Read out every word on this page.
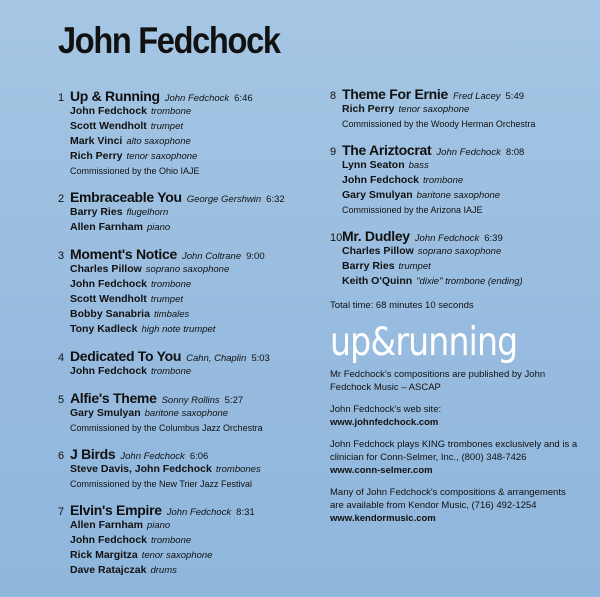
John Fedchock
1 Up & Running John Fedchock 6:46
John Fedchock trombone
Scott Wendholt trumpet
Mark Vinci alto saxophone
Rich Perry tenor saxophone
Commissioned by the Ohio IAJE
2 Embraceable You George Gershwin 6:32
Barry Ries flugelhorn
Allen Farnham piano
3 Moment's Notice John Coltrane 9:00
Charles Pillow soprano saxophone
John Fedchock trombone
Scott Wendholt trumpet
Bobby Sanabria timbales
Tony Kadleck high note trumpet
4 Dedicated To You Cahn, Chaplin 5:03
John Fedchock trombone
5 Alfie's Theme Sonny Rollins 5:27
Gary Smulyan baritone saxophone
Commissioned by the Columbus Jazz Orchestra
6 J Birds John Fedchock 6:06
Steve Davis, John Fedchock trombones
Commissioned by the New Trier Jazz Festival
7 Elvin's Empire John Fedchock 8:31
Allen Farnham piano
John Fedchock trombone
Rick Margitza tenor saxophone
Dave Ratajczak drums
8 Theme For Ernie Fred Lacey 5:49
Rich Perry tenor saxophone
Commissioned by the Woody Herman Orchestra
9 The Ariztocrat John Fedchock 8:08
Lynn Seaton bass
John Fedchock trombone
Gary Smulyan baritone saxophone
Commissioned by the Arizona IAJE
10 Mr. Dudley John Fedchock 6:39
Charles Pillow soprano saxophone
Barry Ries trumpet
Keith O'Quinn "dixie" trombone (ending)
Total time: 68 minutes 10 seconds
up&running

Mr Fedchock's compositions are published by John Fedchock Music – ASCAP

John Fedchock's web site:
www.johnfedchock.com

John Fedchock plays KING trombones exclusively and is a clinician for Conn-Selmer, Inc., (800) 348-7426
www.conn-selmer.com

Many of John Fedchock's compositions & arrangements are available from Kendor Music, (716) 492-1254
www.kendormusic.com
